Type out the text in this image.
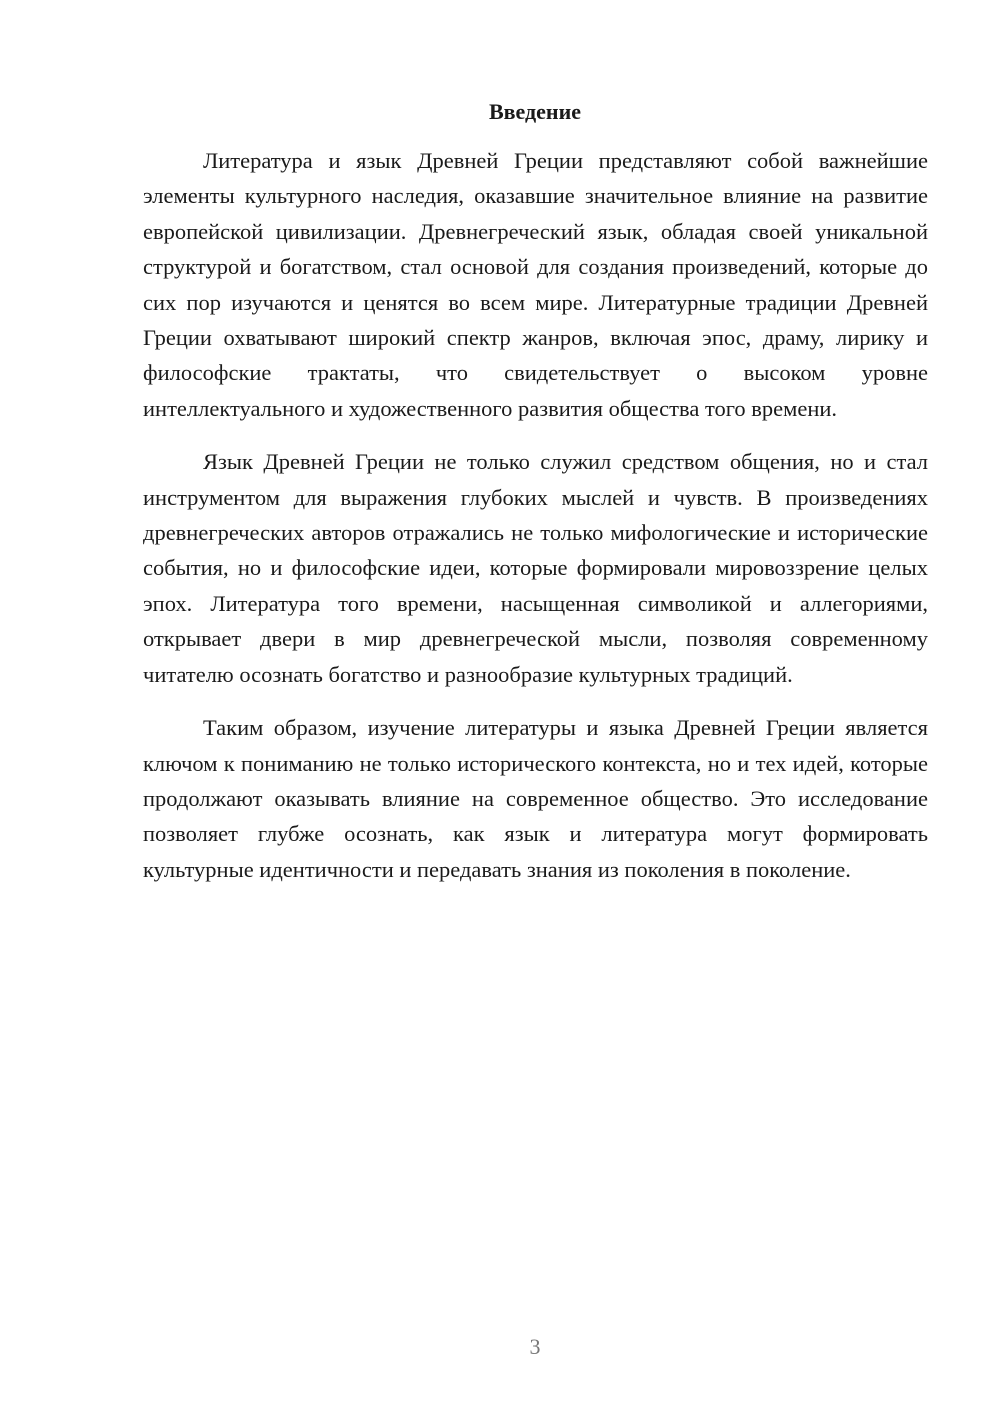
Введение

Литература и язык Древней Греции представляют собой важнейшие элементы культурного наследия, оказавшие значительное влияние на развитие европейской цивилизации. Древнегреческий язык, обладая своей уникальной структурой и богатством, стал основой для создания произведений, которые до сих пор изучаются и ценятся во всем мире. Литературные традиции Древней Греции охватывают широкий спектр жанров, включая эпос, драму, лирику и философские трактаты, что свидетельствует о высоком уровне интеллектуального и художественного развития общества того времени.

Язык Древней Греции не только служил средством общения, но и стал инструментом для выражения глубоких мыслей и чувств. В произведениях древнегреческих авторов отражались не только мифологические и исторические события, но и философские идеи, которые формировали мировоззрение целых эпох. Литература того времени, насыщенная символикой и аллегориями, открывает двери в мир древнегреческой мысли, позволяя современному читателю осознать богатство и разнообразие культурных традиций.

Таким образом, изучение литературы и языка Древней Греции является ключом к пониманию не только исторического контекста, но и тех идей, которые продолжают оказывать влияние на современное общество. Это исследование позволяет глубже осознать, как язык и литература могут формировать культурные идентичности и передавать знания из поколения в поколение.

3
